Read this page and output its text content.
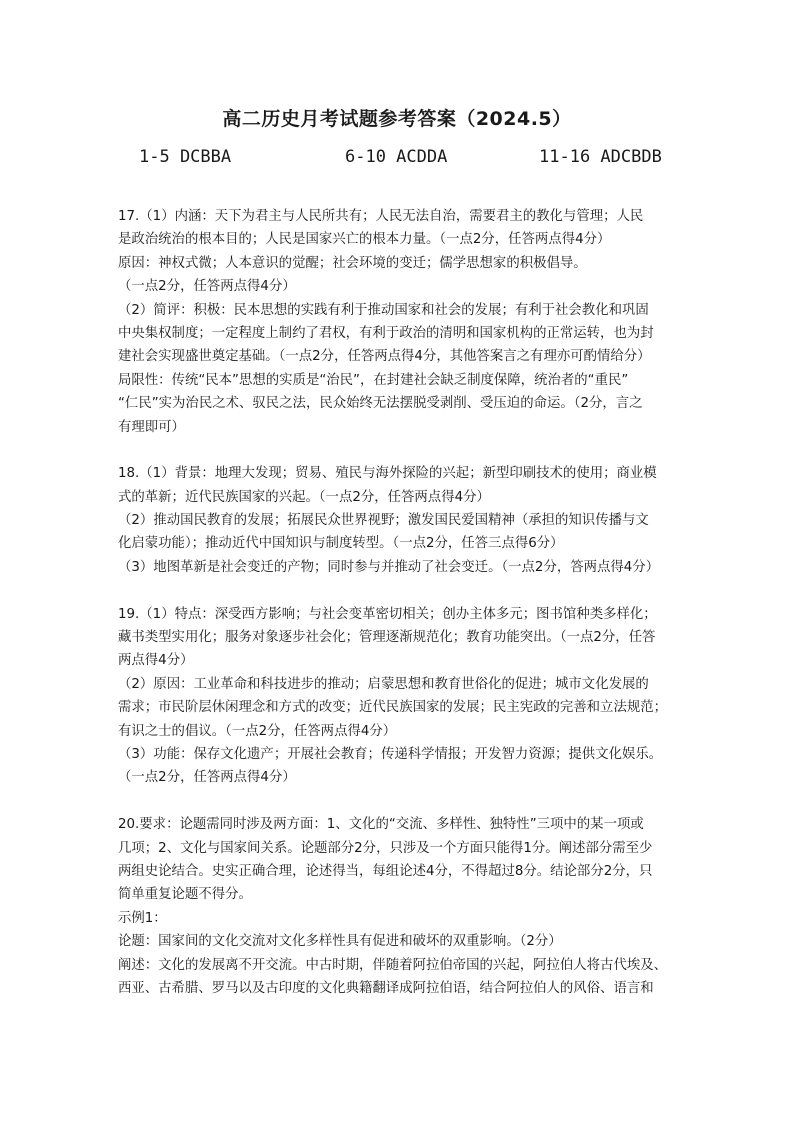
高二历史月考试题参考答案（2024.5）
1-5 DCBBA	6-10 ACDDA	11-16 ADCBDB
17.（1）内涵：天下为君主与人民所共有；人民无法自治，需要君主的教化与管理；人民
是政治统治的根本目的；人民是国家兴亡的根本力量。（一点2分，任答两点得4分）
原因：神权式微；人本意识的觉醒；社会环境的变迁；儒学思想家的积极倡导。
（一点2分，任答两点得4分）
（2）简评：积极：民本思想的实践有利于推动国家和社会的发展；有利于社会教化和巩固
中央集权制度；一定程度上制约了君权，有利于政治的清明和国家机构的正常运转，也为封
建社会实现盛世奠定基础。（一点2分，任答两点得4分，其他答案言之有理亦可酌情给分）
局限性：传统“民本”思想的实质是“治民”，在封建社会缺乏制度保障，统治者的“重民”
“仁民”实为治民之术、驭民之法，民众始终无法摆脱受剥削、受压迫的命运。（2分，言之
有理即可）
18.（1）背景：地理大发现；贸易、殖民与海外探险的兴起；新型印刷技术的使用；商业模
式的革新；近代民族国家的兴起。（一点2分，任答两点得4分）
（2）推动国民教育的发展；拓展民众世界视野；激发国民爱国精神（承担的知识传播与文
化启蒙功能）；推动近代中国知识与制度转型。（一点2分，任答三点得6分）
（3）地图革新是社会变迁的产物；同时参与并推动了社会变迁。（一点2分，答两点得4分）
19.（1）特点：深受西方影响；与社会变革密切相关；创办主体多元；图书馆种类多样化；
藏书类型实用化；服务对象逐步社会化；管理逐渐规范化；教育功能突出。（一点2分，任答
两点得4分）
（2）原因：工业革命和科技进步的推动；启蒙思想和教育世俗化的促进；城市文化发展的
需求；市民阶层休闲理念和方式的改变；近代民族国家的发展；民主宪政的完善和立法规范；
有识之士的倡议。（一点2分，任答两点得4分）
（3）功能：保存文化遗产；开展社会教育；传递科学情报；开发智力资源；提供文化娱乐。
（一点2分，任答两点得4分）
20.要求：论题需同时涉及两方面：1、文化的“交流、多样性、独特性”三项中的某一项或
几项；2、文化与国家间关系。论题部分2分，只涉及一个方面只能得1分。阐述部分需至少
两组史论结合。史实正确合理，论述得当，每组论述4分，不得超过8分。结论部分2分，只
简单重复论题不得分。
示例1：
论题：国家间的文化交流对文化多样性具有促进和破坏的双重影响。（2分）
阐述：文化的发展离不开交流。中古时期，伴随着阿拉伯帝国的兴起，阿拉伯人将古代埃及、
西亚、古希腊、罗马以及古印度的文化典籍翻译成阿拉伯语，结合阿拉伯人的风俗、语言和
